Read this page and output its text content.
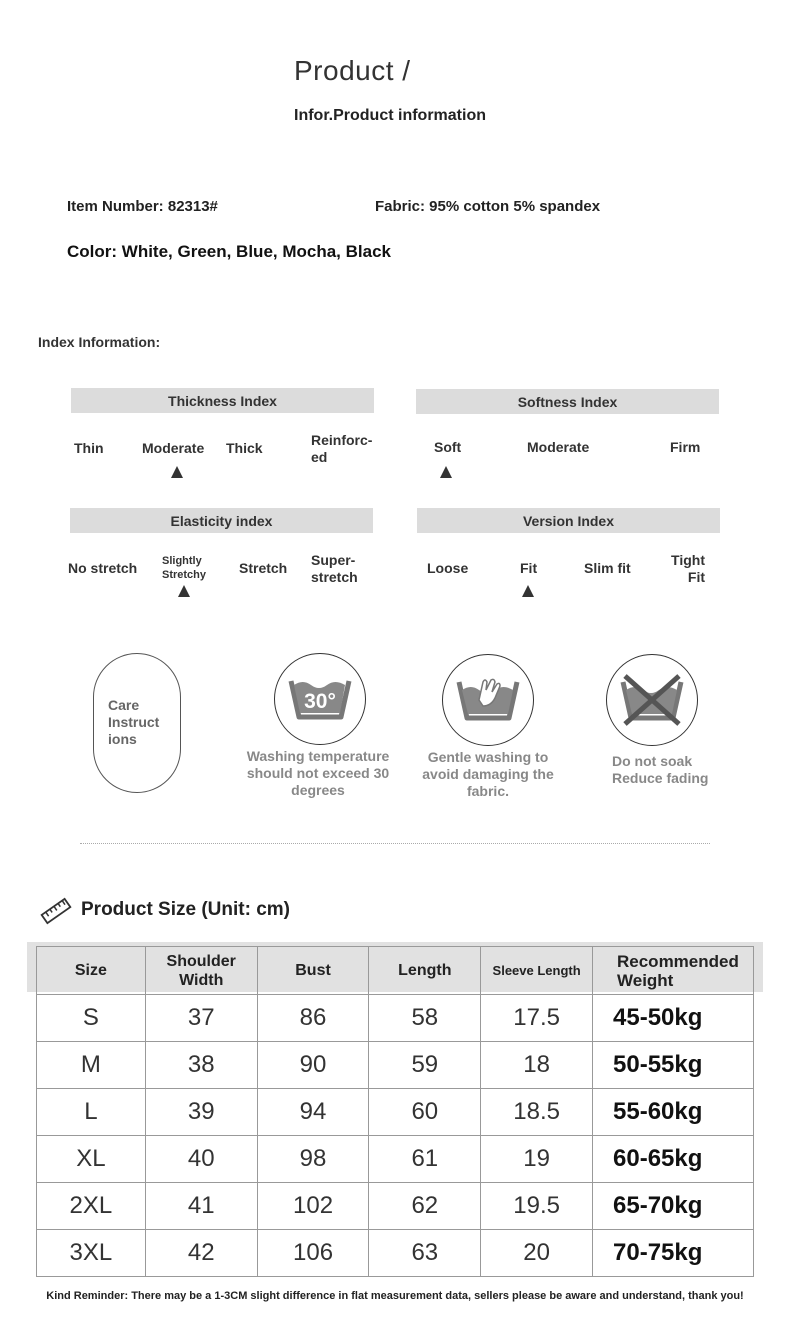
Product /
Infor.Product information
Item Number: 82313#	Fabric: 95% cotton 5% spandex
Color: White, Green, Blue, Mocha, Black
Index Information:
Thickness Index
Thin	Moderate Thick	Reinforc-
ed
Softness Index
Soft	Moderate	Firm
Elasticity index
No stretch Slightly
Stretchy Stretch Super-
stretch
Version Index
Loose	Fit	Slim fit	Tight
Fit
Care
Instruct
ions
30°
Washing temperature
should not exceed 30
degrees
Gentle washing to
avoid damaging the
fabric.
Do not soak
Reduce fading
Product Size (Unit: cm)
Size	Shoulder
Width	Bust	Length	Sleeve Length	Recommended
Weight
S	37	86	58	17.5	45-50kg
M	38	90	59	18	50-55kg
L	39	94	60	18.5	55-60kg
XL	40	98	61	19	60-65kg
2XL	41	102	62	19.5	65-70kg
3XL	42	106	63	20	70-75kg
Kind Reminder: There may be a 1-3CM slight difference in flat measurement data, sellers please be aware and understand, thank you!
